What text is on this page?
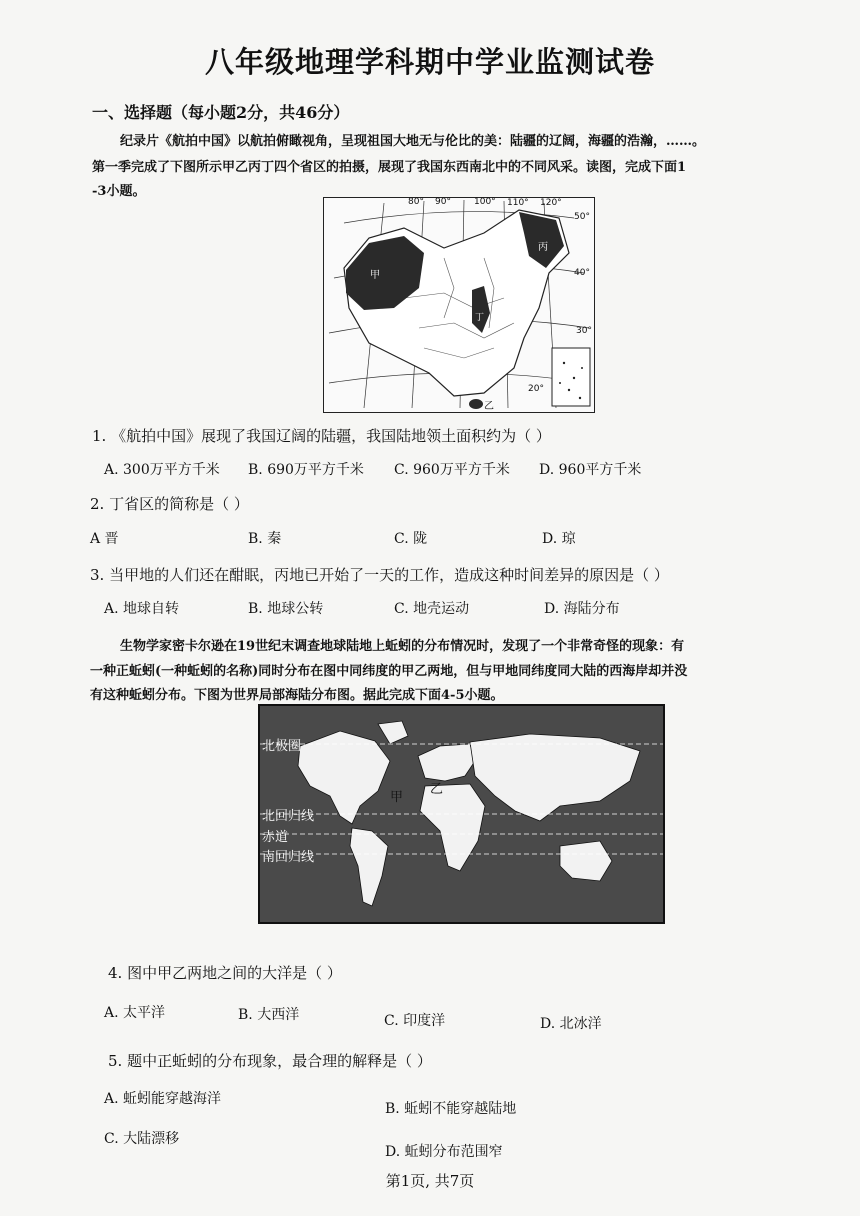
八年级地理学科期中学业监测试卷
一、选择题（每小题2分，共46分）
纪录片《航拍中国》以航拍俯瞰视角，呈现祖国大地无与伦比的美：陆疆的辽阔，海疆的浩瀚，……。
第一季完成了下图所示甲乙丙丁四个省区的拍摄，展现了我国东西南北中的不同风采。读图，完成下面1
-3小题。
80° 90°	100° 110° 120°
50°
40°
30°
20°
甲
丙
丁
乙
1. 《航拍中国》展现了我国辽阔的陆疆，我国陆地领土面积约为（ ）
A. 300万平方千米 B. 690万平方千米 C. 960万平方千米 D. 960平方千米
2. 丁省区的简称是（ ）
A 晋	B. 秦	C. 陇	D. 琼
3. 当甲地的人们还在酣眠，丙地已开始了一天的工作，造成这种时间差异的原因是（ ）
A. 地球自转	B. 地球公转	C. 地壳运动	D. 海陆分布
生物学家密卡尔逊在19世纪末调查地球陆地上蚯蚓的分布情况时，发现了一个非常奇怪的现象：有
一种正蚯蚓(一种蚯蚓的名称)同时分布在图中同纬度的甲乙两地，但与甲地同纬度同大陆的西海岸却并没
有这种蚯蚓分布。下图为世界局部海陆分布图。据此完成下面4-5小题。
北极圈
北回归线
赤道
南回归线
甲
乙
4. 图中甲乙两地之间的大洋是（ ）
A. 太平洋	B. 大西洋	C. 印度洋	D. 北冰洋
5. 题中正蚯蚓的分布现象，最合理的解释是（ ）
A. 蚯蚓能穿越海洋
B. 蚯蚓不能穿越陆地
C. 大陆漂移
D. 蚯蚓分布范围窄
第1页, 共7页
